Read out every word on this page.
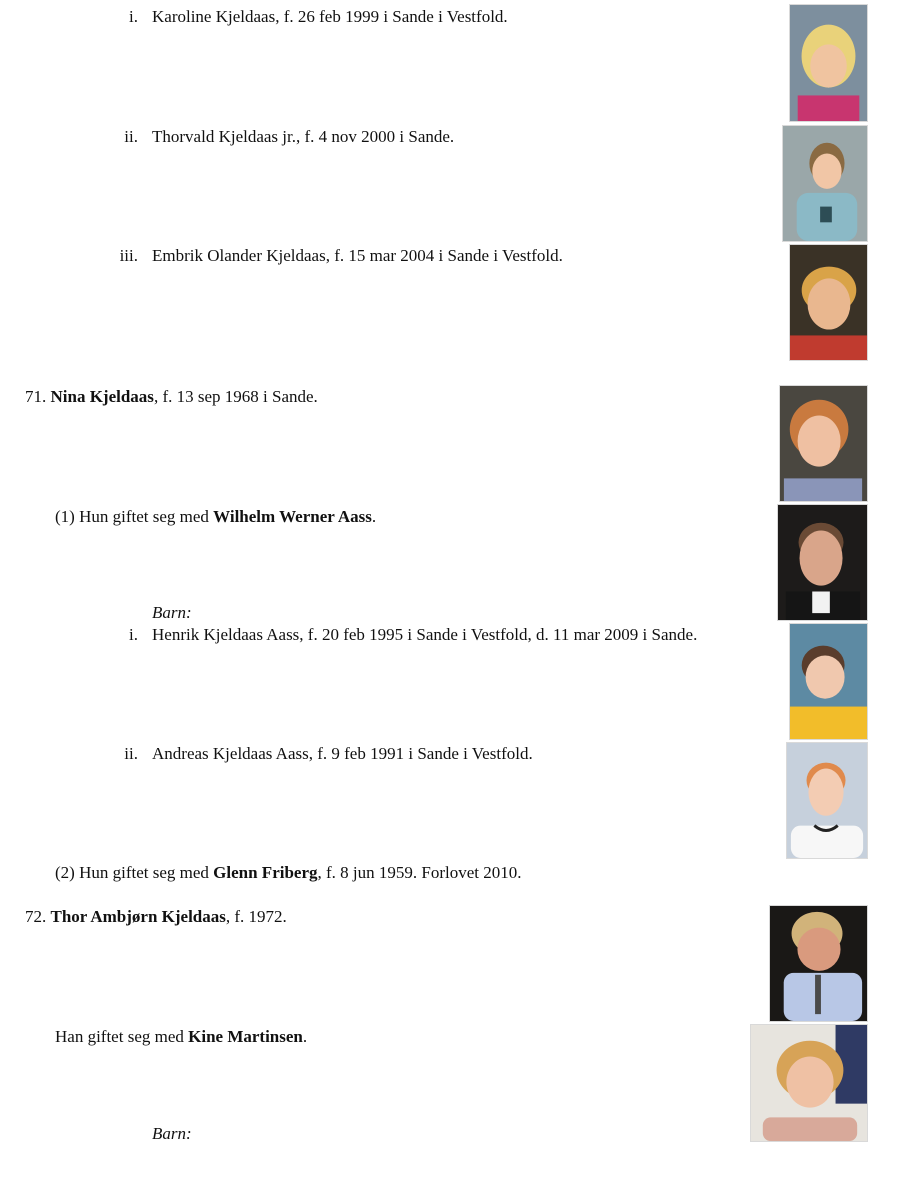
i. Karoline Kjeldaas, f. 26 feb 1999 i Sande i Vestfold.
ii. Thorvald Kjeldaas jr., f. 4 nov 2000 i Sande.
iii. Embrik Olander Kjeldaas, f. 15 mar 2004 i Sande i Vestfold.
71. Nina Kjeldaas, f. 13 sep 1968 i Sande.
(1) Hun giftet seg med Wilhelm Werner Aass.
Barn:
i. Henrik Kjeldaas Aass, f. 20 feb 1995 i Sande i Vestfold, d. 11 mar 2009 i Sande.
ii. Andreas Kjeldaas Aass, f. 9 feb 1991 i Sande i Vestfold.
(2) Hun giftet seg med Glenn Friberg, f. 8 jun 1959. Forlovet 2010.
72. Thor Ambjørn Kjeldaas, f. 1972.
Han giftet seg med Kine Martinsen.
Barn:
